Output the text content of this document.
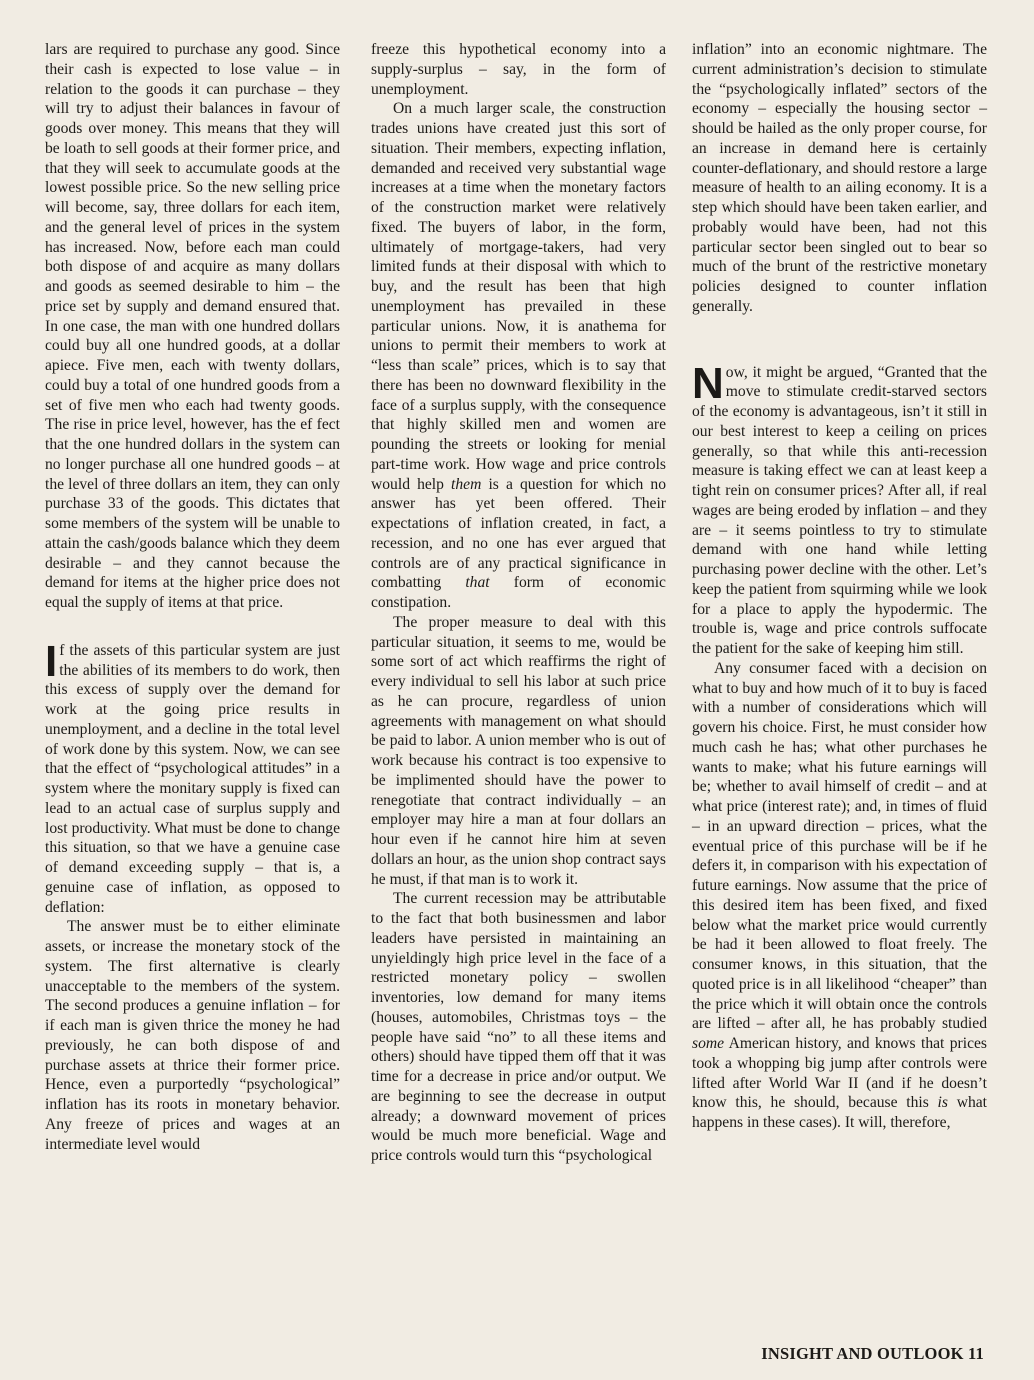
lars are required to purchase any good. Since their cash is expected to lose value – in relation to the goods it can purchase – they will try to adjust their balances in favour of goods over money. This means that they will be loath to sell goods at their former price, and that they will seek to accumulate goods at the lowest possible price. So the new selling price will become, say, three dollars for each item, and the general level of prices in the system has increased. Now, before each man could both dispose of and acquire as many dollars and goods as seemed desirable to him – the price set by supply and demand ensured that. In one case, the man with one hundred dollars could buy all one hundred goods, at a dollar apiece. Five men, each with twenty dollars, could buy a total of one hundred goods from a set of five men who each had twenty goods. The rise in price level, however, has the ef fect that the one hundred dollars in the system can no longer purchase all one hundred goods – at the level of three dollars an item, they can only purchase 33 of the goods. This dictates that some members of the system will be unable to attain the cash/goods balance which they deem desirable – and they cannot because the demand for items at the higher price does not equal the supply of items at that price.

If the assets of this particular system are just the abilities of its members to do work, then this excess of supply over the demand for work at the going price results in unemployment, and a decline in the total level of work done by this system. Now, we can see that the effect of “psychological attitudes” in a system where the monitary supply is fixed can lead to an actual case of surplus supply and lost productivity. What must be done to change this situation, so that we have a genuine case of demand exceeding supply – that is, a genuine case of inflation, as opposed to deflation:

The answer must be to either eliminate assets, or increase the monetary stock of the system. The first alternative is clearly unacceptable to the members of the system. The second produces a genuine inflation – for if each man is given thrice the money he had previously, he can both dispose of and purchase assets at thrice their former price. Hence, even a purportedly “psychological” inflation has its roots in monetary behavior. Any freeze of prices and wages at an intermediate level would

freeze this hypothetical economy into a supply-surplus – say, in the form of unemployment.

On a much larger scale, the construction trades unions have created just this sort of situation. Their members, expecting inflation, demanded and received very substantial wage increases at a time when the monetary factors of the construction market were relatively fixed. The buyers of labor, in the form, ultimately of mortgage-takers, had very limited funds at their disposal with which to buy, and the result has been that high unemployment has prevailed in these particular unions. Now, it is anathema for unions to permit their members to work at “less than scale” prices, which is to say that there has been no downward flexibility in the face of a surplus supply, with the consequence that highly skilled men and women are pounding the streets or looking for menial part-time work. How wage and price controls would help them is a question for which no answer has yet been offered. Their expectations of inflation created, in fact, a recession, and no one has ever argued that controls are of any practical significance in combatting that form of economic constipation.

The proper measure to deal with this particular situation, it seems to me, would be some sort of act which reaffirms the right of every individual to sell his labor at such price as he can procure, regardless of union agreements with management on what should be paid to labor. A union member who is out of work because his contract is too expensive to be implimented should have the power to renegotiate that contract individually – an employer may hire a man at four dollars an hour even if he cannot hire him at seven dollars an hour, as the union shop contract says he must, if that man is to work it.

The current recession may be attributable to the fact that both businessmen and labor leaders have persisted in maintaining an unyieldingly high price level in the face of a restricted monetary policy – swollen inventories, low demand for many items (houses, automobiles, Christmas toys – the people have said “no” to all these items and others) should have tipped them off that it was time for a decrease in price and/or output. We are beginning to see the decrease in output already; a downward movement of prices would be much more beneficial. Wage and price controls would turn this “psychological

inflation” into an economic nightmare. The current administration’s decision to stimulate the “psychologically inflated” sectors of the economy – especially the housing sector – should be hailed as the only proper course, for an increase in demand here is certainly counter-deflationary, and should restore a large measure of health to an ailing economy. It is a step which should have been taken earlier, and probably would have been, had not this particular sector been singled out to bear so much of the brunt of the restrictive monetary policies designed to counter inflation generally.

Now, it might be argued, “Granted that the move to stimulate credit-starved sectors of the economy is advantageous, isn’t it still in our best interest to keep a ceiling on prices generally, so that while this anti-recession measure is taking effect we can at least keep a tight rein on consumer prices? After all, if real wages are being eroded by inflation – and they are – it seems pointless to try to stimulate demand with one hand while letting purchasing power decline with the other. Let’s keep the patient from squirming while we look for a place to apply the hypodermic. The trouble is, wage and price controls suffocate the patient for the sake of keeping him still.

Any consumer faced with a decision on what to buy and how much of it to buy is faced with a number of considerations which will govern his choice. First, he must consider how much cash he has; what other purchases he wants to make; what his future earnings will be; whether to avail himself of credit – and at what price (interest rate); and, in times of fluid – in an upward direction – prices, what the eventual price of this purchase will be if he defers it, in comparison with his expectation of future earnings. Now assume that the price of this desired item has been fixed, and fixed below what the market price would currently be had it been allowed to float freely. The consumer knows, in this situation, that the quoted price is in all likelihood “cheaper” than the price which it will obtain once the controls are lifted – after all, he has probably studied some American history, and knows that prices took a whopping big jump after controls were lifted after World War II (and if he doesn’t know this, he should, because this is what happens in these cases). It will, therefore,

INSIGHT AND OUTLOOK 11
